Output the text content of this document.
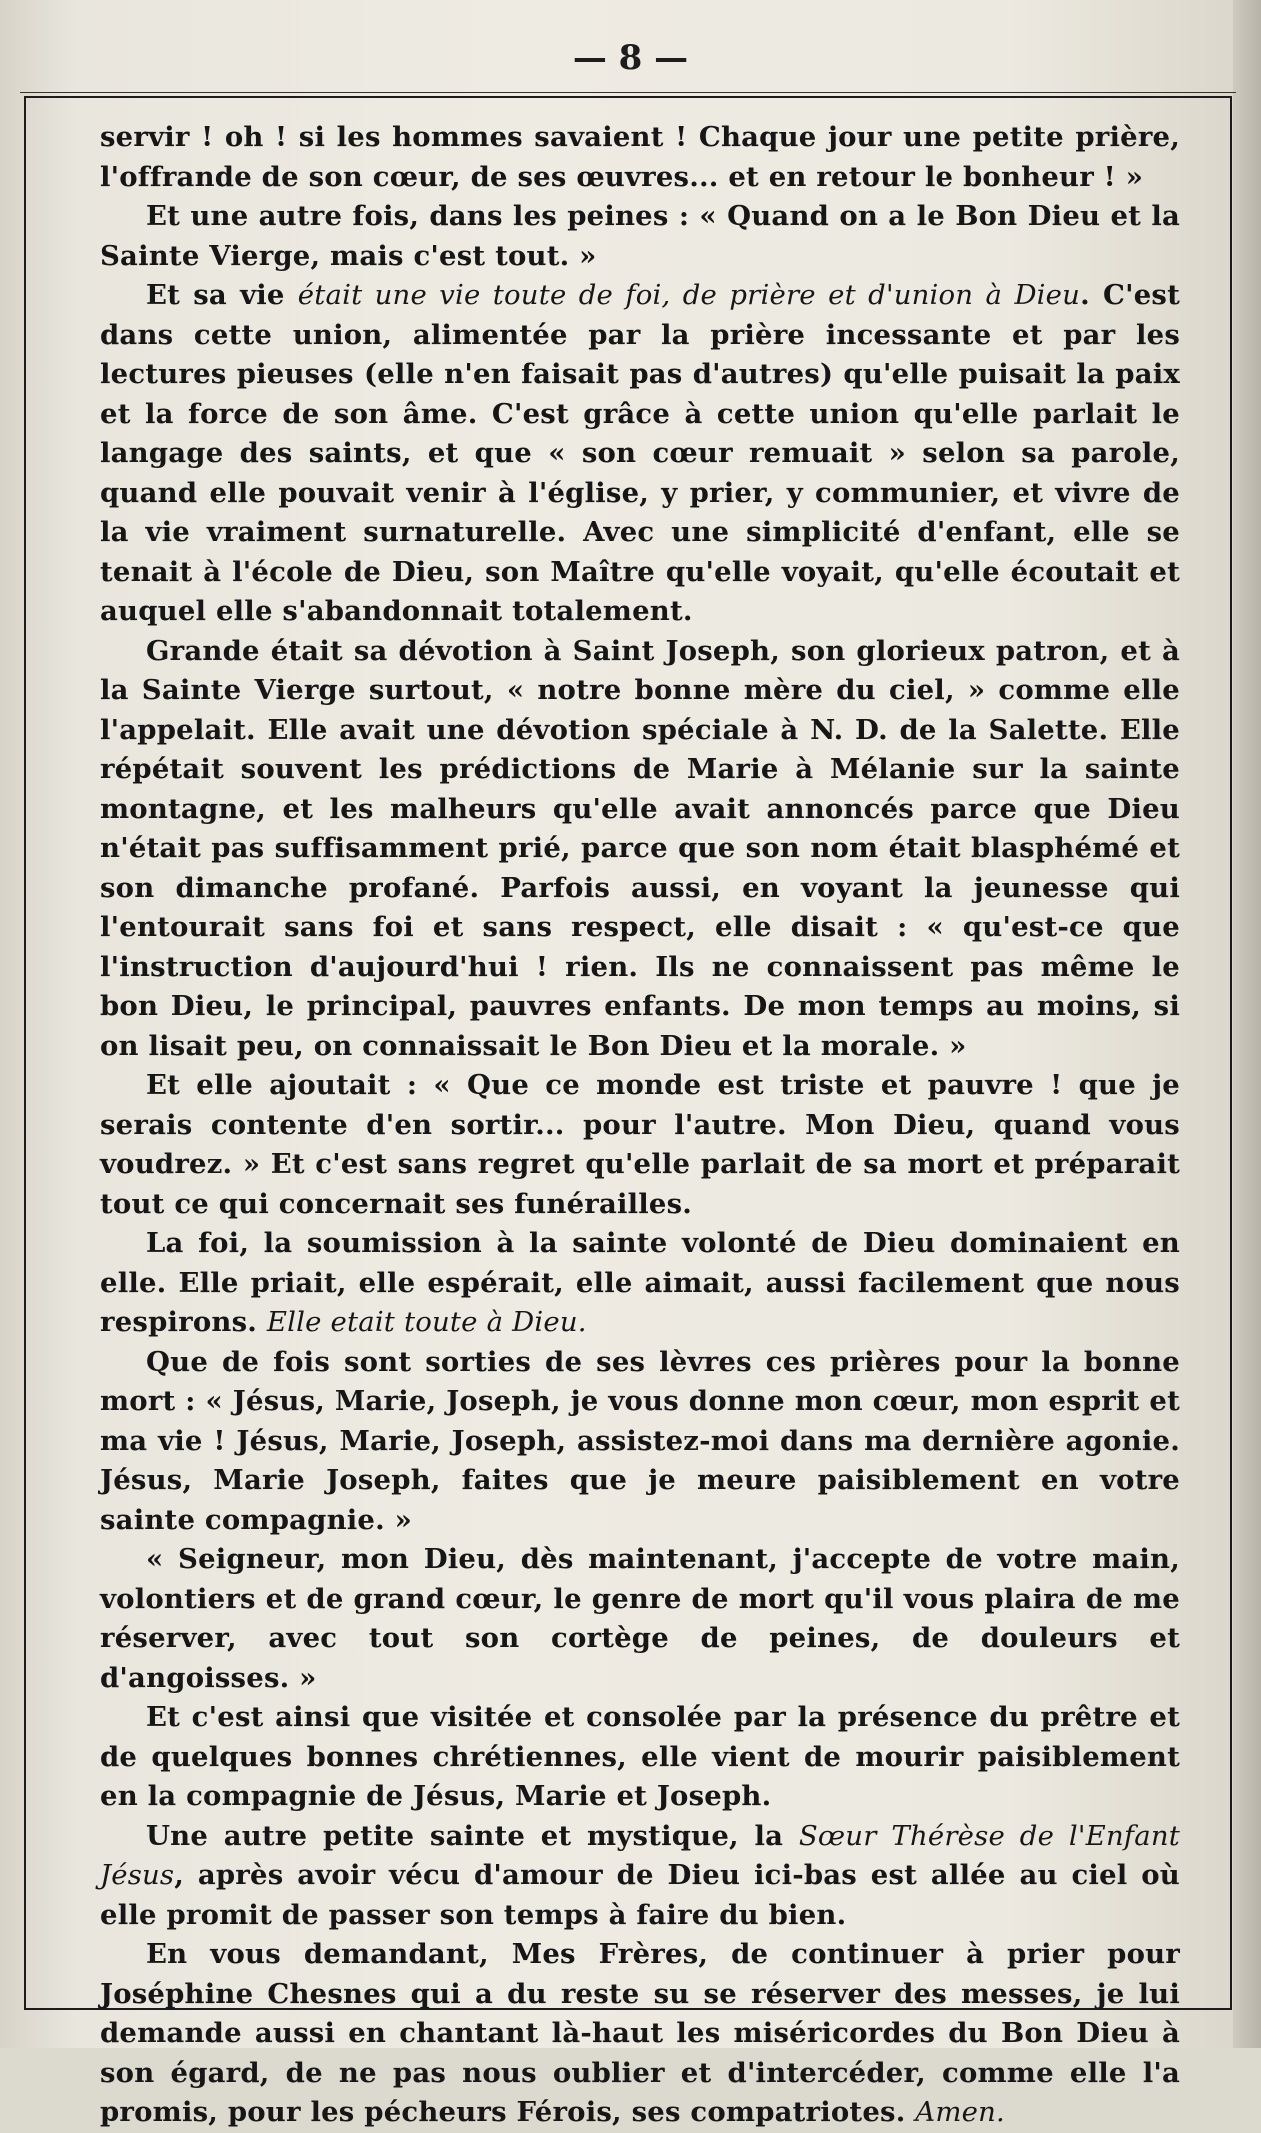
— 8 —

servir ! oh ! si les hommes savaient ! Chaque jour une petite prière, l'offrande de son cœur, de ses œuvres... et en retour le bonheur ! »

Et une autre fois, dans les peines : « Quand on a le Bon Dieu et la Sainte Vierge, mais c'est tout. »

Et sa vie était une vie toute de foi, de prière et d'union à Dieu. C'est dans cette union, alimentée par la prière incessante et par les lectures pieuses (elle n'en faisait pas d'autres) qu'elle puisait la paix et la force de son âme. C'est grâce à cette union qu'elle parlait le langage des saints, et que « son cœur remuait » selon sa parole, quand elle pouvait venir à l'église, y prier, y communier, et vivre de la vie vraiment surnaturelle. Avec une simplicité d'enfant, elle se tenait à l'école de Dieu, son Maître qu'elle voyait, qu'elle écoutait et auquel elle s'abandonnait totalement.

Grande était sa dévotion à Saint Joseph, son glorieux patron, et à la Sainte Vierge surtout, « notre bonne mère du ciel, » comme elle l'appelait. Elle avait une dévotion spéciale à N. D. de la Salette. Elle répétait souvent les prédictions de Marie à Mélanie sur la sainte montagne, et les malheurs qu'elle avait annoncés parce que Dieu n'était pas suffisamment prié, parce que son nom était blasphémé et son dimanche profané. Parfois aussi, en voyant la jeunesse qui l'entourait sans foi et sans respect, elle disait : « qu'est-ce que l'instruction d'aujourd'hui ! rien. Ils ne connaissent pas même le bon Dieu, le principal, pauvres enfants. De mon temps au moins, si on lisait peu, on connaissait le Bon Dieu et la morale. »

Et elle ajoutait : « Que ce monde est triste et pauvre ! que je serais contente d'en sortir... pour l'autre. Mon Dieu, quand vous voudrez. » Et c'est sans regret qu'elle parlait de sa mort et préparait tout ce qui concernait ses funérailles.

La foi, la soumission à la sainte volonté de Dieu dominaient en elle. Elle priait, elle espérait, elle aimait, aussi facilement que nous respirons. Elle etait toute à Dieu.

Que de fois sont sorties de ses lèvres ces prières pour la bonne mort : « Jésus, Marie, Joseph, je vous donne mon cœur, mon esprit et ma vie ! Jésus, Marie, Joseph, assistez-moi dans ma dernière agonie. Jésus, Marie Joseph, faites que je meure paisiblement en votre sainte compagnie. »

« Seigneur, mon Dieu, dès maintenant, j'accepte de votre main, volontiers et de grand cœur, le genre de mort qu'il vous plaira de me réserver, avec tout son cortège de peines, de douleurs et d'angoisses. »

Et c'est ainsi que visitée et consolée par la présence du prêtre et de quelques bonnes chrétiennes, elle vient de mourir paisiblement en la compagnie de Jésus, Marie et Joseph.

Une autre petite sainte et mystique, la Sœur Thérèse de l'Enfant Jésus, après avoir vécu d'amour de Dieu ici-bas est allée au ciel où elle promit de passer son temps à faire du bien.

En vous demandant, Mes Frères, de continuer à prier pour Joséphine Chesnes qui a du reste su se réserver des messes, je lui demande aussi en chantant là-haut les miséricordes du Bon Dieu à son égard, de ne pas nous oublier et d'intercéder, comme elle l'a promis, pour les pécheurs Férois, ses compatriotes. Amen.
